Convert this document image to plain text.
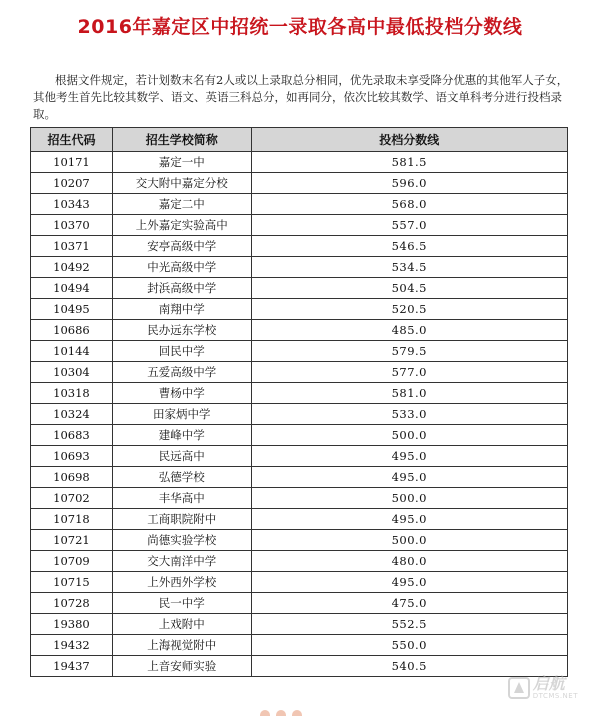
2016年嘉定区中招统一录取各高中最低投档分数线

根据文件规定，若计划数末名有2人或以上录取总分相同，优先录取未享受降分优惠的其他军人子女，其他考生首先比较其数学、语文、英语三科总分，如再同分，依次比较其数学、语文单科考分进行投档录取。

招生代码	招生学校简称	投档分数线
10171	嘉定一中	581.5
10207	交大附中嘉定分校	596.0
10343	嘉定二中	568.0
10370	上外嘉定实验高中	557.0
10371	安亭高级中学	546.5
10492	中光高级中学	534.5
10494	封浜高级中学	504.5
10495	南翔中学	520.5
10686	民办远东学校	485.0
10144	回民中学	579.5
10304	五爱高级中学	577.0
10318	曹杨中学	581.0
10324	田家炳中学	533.0
10683	建峰中学	500.0
10693	民远高中	495.0
10698	弘德学校	495.0
10702	丰华高中	500.0
10718	工商职院附中	495.0
10721	尚德实验学校	500.0
10709	交大南洋中学	480.0
10715	上外西外学校	495.0
10728	民一中学	475.0
19380	上戏附中	552.5
19432	上海视觉附中	550.0
19437	上音安师实验	540.5
启航
DTCMS.NET
